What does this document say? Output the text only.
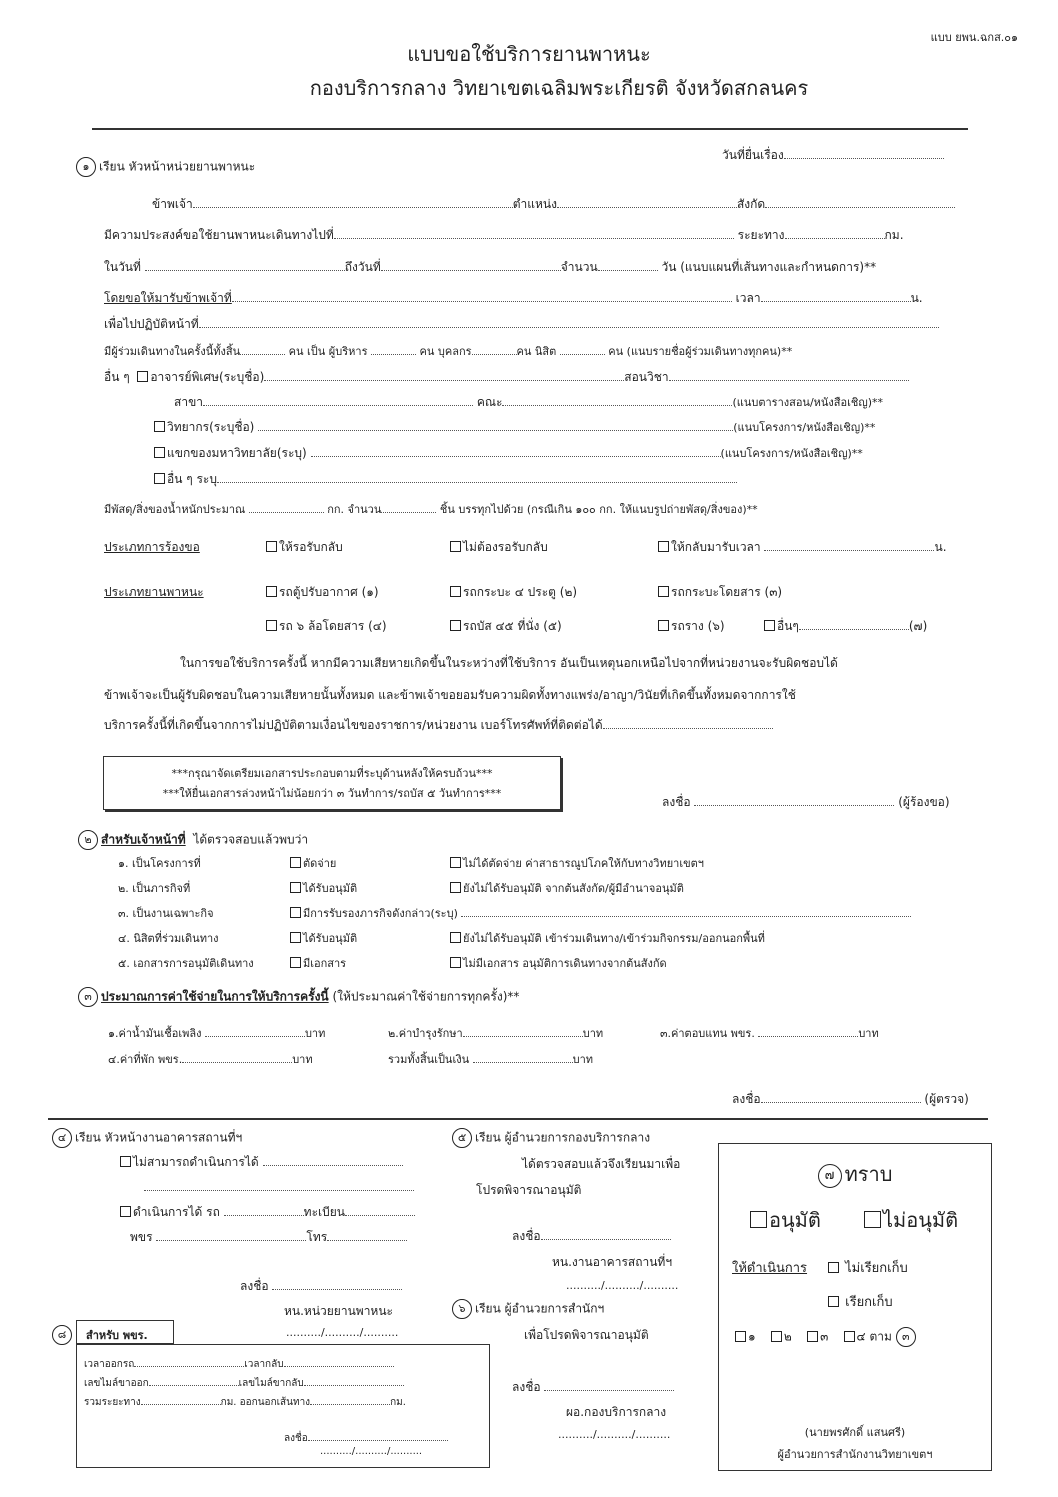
แบบ ยพน.ฉกส.๐๑
แบบขอใช้บริการยานพาหนะ
กองบริการกลาง วิทยาเขตเฉลิมพระเกียรติ จังหวัดสกลนคร
วันที่ยื่นเรื่อง
๑ เรียน หัวหน้าหน่วยยานพาหนะ
ข้าพเจ้า	ตำแหน่ง	สังกัด
มีความประสงค์ขอใช้ยานพาหนะเดินทางไปที่	ระยะทาง	กม.
ในวันที่	ถึงวันที่	จำนวน	วัน (แนบแผนที่เส้นทางและกำหนดการ)**
โดยขอให้มารับข้าพเจ้าที่	เวลา	น.
เพื่อไปปฏิบัติหน้าที่
มีผู้ร่วมเดินทางในครั้งนี้ทั้งสิ้น	คน เป็น ผู้บริหาร	คน บุคลกร	คน นิสิต	คน (แนบรายชื่อผู้ร่วมเดินทางทุกคน)**
อื่น ๆ อาจารย์พิเศษ(ระบุชื่อ)	สอนวิชา
สาขา	คณะ	(แนบตารางสอน/หนังสือเชิญ)**
วิทยากร(ระบุชื่อ)	(แนบโครงการ/หนังสือเชิญ)**
แขกของมหาวิทยาลัย(ระบุ)	(แนบโครงการ/หนังสือเชิญ)**
อื่น ๆ ระบุ
มีพัสดุ/สิ่งของน้ำหนักประมาณ	กก. จำนวน	ชิ้น บรรทุกไปด้วย (กรณีเกิน ๑๐๐ กก. ให้แนบรูปถ่ายพัสดุ/สิ่งของ)**
ประเภทการร้องขอ	ให้รอรับกลับ	ไม่ต้องรอรับกลับ	ให้กลับมารับเวลา	น.
ประเภทยานพาหนะ	รถตู้ปรับอากาศ (๑)	รถกระบะ ๔ ประตู (๒)	รถกระบะโดยสาร (๓)
รถ ๖ ล้อโดยสาร (๔)	รถบัส ๔๕ ที่นั่ง (๕)	รถราง (๖)	อื่นๆ	(๗)
ในการขอใช้บริการครั้งนี้ หากมีความเสียหายเกิดขึ้นในระหว่างที่ใช้บริการ อันเป็นเหตุนอกเหนือไปจากที่หน่วยงานจะรับผิดชอบได้
ข้าพเจ้าจะเป็นผู้รับผิดชอบในความเสียหายนั้นทั้งหมด และข้าพเจ้าขอยอมรับความผิดทั้งทางแพร่ง/อาญา/วินัยที่เกิดขึ้นทั้งหมดจากการใช้
บริการครั้งนี้ที่เกิดขึ้นจากการไม่ปฏิบัติตามเงื่อนไขของราชการ/หน่วยงาน เบอร์โทรศัพท์ที่ติดต่อได้
***กรุณาจัดเตรียมเอกสารประกอบตามที่ระบุด้านหลังให้ครบถ้วน***
***ให้ยื่นเอกสารล่วงหน้าไม่น้อยกว่า ๓ วันทำการ/รถบัส ๕ วันทำการ***
ลงชื่อ	(ผู้ร้องขอ)
๒ สำหรับเจ้าหน้าที่ ได้ตรวจสอบแล้วพบว่า
๑. เป็นโครงการที่	ตัดจ่าย	ไม่ได้ตัดจ่าย ค่าสาธารณูปโภคให้กับทางวิทยาเขตฯ
๒. เป็นภารกิจที่	ได้รับอนุมัติ	ยังไม่ได้รับอนุมัติ จากต้นสังกัด/ผู้มีอำนาจอนุมัติ
๓. เป็นงานเฉพาะกิจ	มีการรับรองภารกิจดังกล่าว(ระบุ)
๔. นิสิตที่ร่วมเดินทาง	ได้รับอนุมัติ	ยังไม่ได้รับอนุมัติ เข้าร่วมเดินทาง/เข้าร่วมกิจกรรม/ออกนอกพื้นที่
๕. เอกสารการอนุมัติเดินทาง	มีเอกสาร	ไม่มีเอกสาร อนุมัติการเดินทางจากต้นสังกัด
๓ ประมาณการค่าใช้จ่ายในการให้บริการครั้งนี้ (ให้ประมาณค่าใช้จ่ายการทุกครั้ง)**
๑.ค่าน้ำมันเชื้อเพลิง	บาท	๒.ค่าบำรุงรักษา	บาท	๓.ค่าตอบแทน พขร.	บาท
๔.ค่าที่พัก พขร.	บาท	รวมทั้งสิ้นเป็นเงิน	บาท
ลงชื่อ	(ผู้ตรวจ)
๔ เรียน หัวหน้างานอาคารสถานที่ฯ
ไม่สามารถดำเนินการได้
ดำเนินการได้ รถ	ทะเบียน
พขร	โทร
ลงชื่อ
หน.หน่วยยานพาหนะ
........../........../..........
๘	สำหรับ พขร.
เวลาออกรถ	เวลากลับ
เลขไมล์ขาออก	เลขไมล์ขากลับ
รวมระยะทาง	กม. ออกนอกเส้นทาง	กม.
ลงชื่อ
........../........../..........
๕ เรียน ผู้อำนวยการกองบริการกลาง
ได้ตรวจสอบแล้วจึงเรียนมาเพื่อ
โปรดพิจารณาอนุมัติ
ลงชื่อ
หน.งานอาคารสถานที่ฯ
........../........../..........
๖ เรียน ผู้อำนวยการสำนักฯ
เพื่อโปรดพิจารณาอนุมัติ
ลงชื่อ
ผอ.กองบริการกลาง
........../........../..........
๗ ทราบ
อนุมัติ	ไม่อนุมัติ
ให้ดำเนินการ	ไม่เรียกเก็บ
เรียกเก็บ
๑ ๒ ๓ ๔ ตาม ๓
(นายพรศักดิ์ แสนศรี)
ผู้อำนวยการสำนักงานวิทยาเขตฯ
